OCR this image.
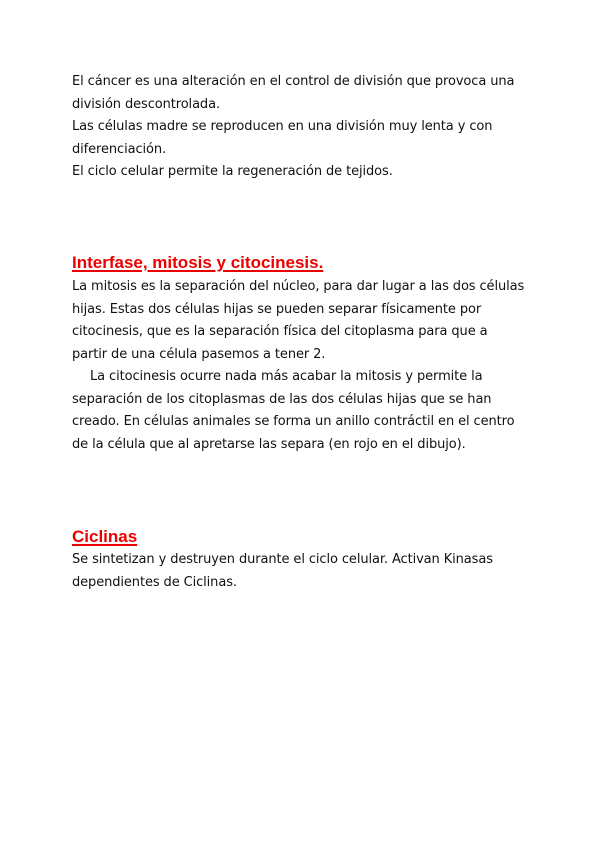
El cáncer es una alteración en el control de división que provoca una
división descontrolada.
Las células madre se reproducen en una división muy lenta y con
diferenciación.
El ciclo celular permite la regeneración de tejidos.
Interfase, mitosis y citocinesis.
La mitosis es la separación del núcleo, para dar lugar a las dos células
hijas. Estas dos células hijas se pueden separar físicamente por
citocinesis, que es la separación física del citoplasma para que a
partir de una célula pasemos a tener 2.
La citocinesis ocurre nada más acabar la mitosis y permite la
separación de los citoplasmas de las dos células hijas que se han
creado. En células animales se forma un anillo contráctil en el centro
de la célula que al apretarse las separa (en rojo en el dibujo).
Ciclinas
Se sintetizan y destruyen durante el ciclo celular. Activan Kinasas
dependientes de Ciclinas.
